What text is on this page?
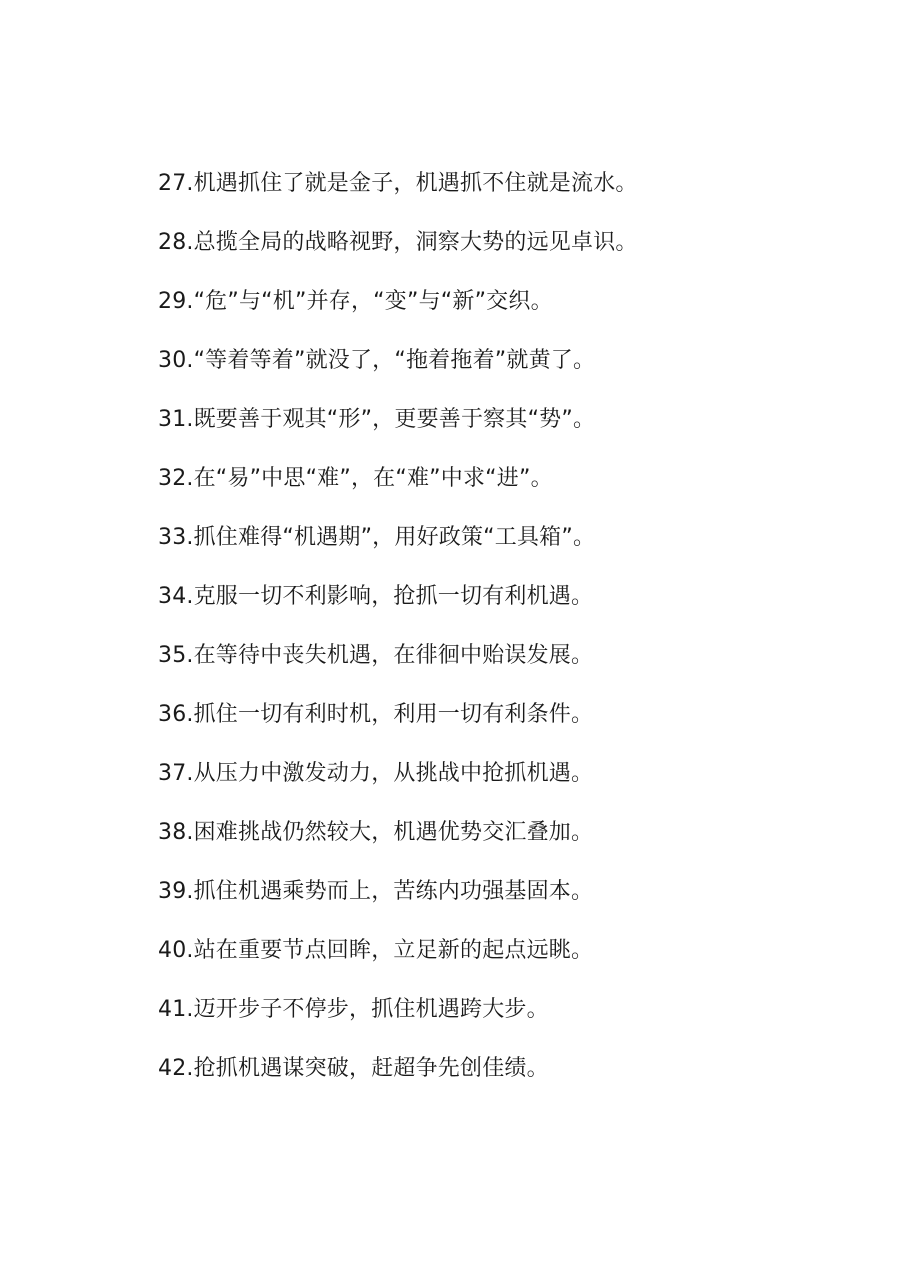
27.机遇抓住了就是金子，机遇抓不住就是流水。
28.总揽全局的战略视野，洞察大势的远见卓识。
29.“危”与“机”并存，“变”与“新”交织。
30.“等着等着”就没了，“拖着拖着”就黄了。
31.既要善于观其“形”，更要善于察其“势”。
32.在“易”中思“难”，在“难”中求“进”。
33.抓住难得“机遇期”，用好政策“工具箱”。
34.克服一切不利影响，抢抓一切有利机遇。
35.在等待中丧失机遇，在徘徊中贻误发展。
36.抓住一切有利时机，利用一切有利条件。
37.从压力中激发动力，从挑战中抢抓机遇。
38.困难挑战仍然较大，机遇优势交汇叠加。
39.抓住机遇乘势而上，苦练内功强基固本。
40.站在重要节点回眸，立足新的起点远眺。
41.迈开步子不停步，抓住机遇跨大步。
42.抢抓机遇谋突破，赶超争先创佳绩。
